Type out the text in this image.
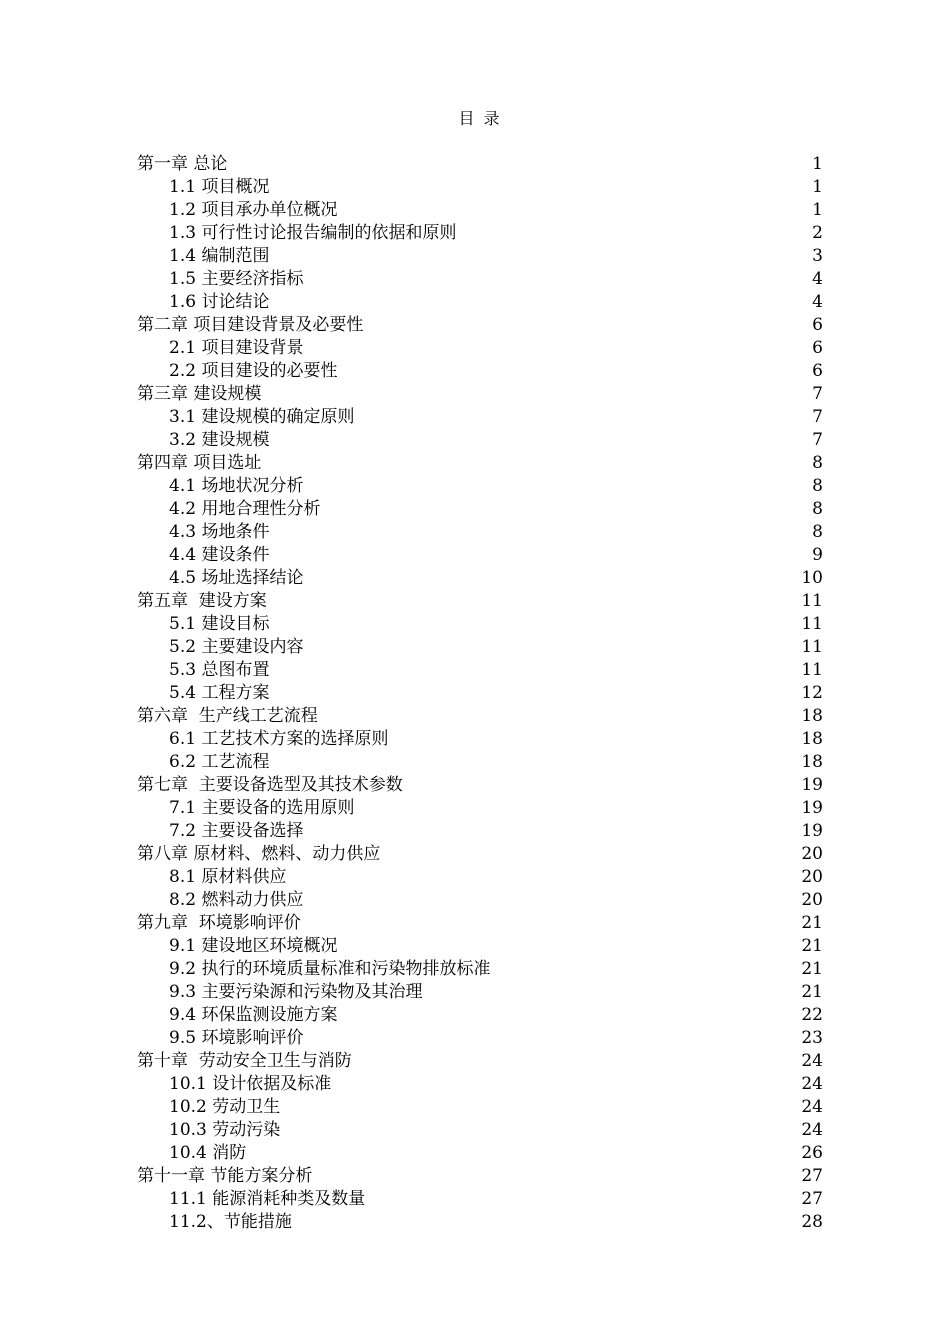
目 录
第一章 总论	1
1.1 项目概况	1
1.2 项目承办单位概况	1
1.3 可行性讨论报告编制的依据和原则	2
1.4 编制范围	3
1.5 主要经济指标	4
1.6 讨论结论	4
第二章 项目建设背景及必要性	6
2.1 项目建设背景	6
2.2 项目建设的必要性	6
第三章 建设规模	7
3.1 建设规模的确定原则	7
3.2 建设规模	7
第四章 项目选址	8
4.1 场地状况分析	8
4.2 用地合理性分析	8
4.3 场地条件	8
4.4 建设条件	9
4.5 场址选择结论	10
第五章  建设方案	11
5.1 建设目标	11
5.2 主要建设内容	11
5.3 总图布置	11
5.4 工程方案	12
第六章  生产线工艺流程	18
6.1 工艺技术方案的选择原则	18
6.2 工艺流程	18
第七章  主要设备选型及其技术参数	19
7.1 主要设备的选用原则	19
7.2 主要设备选择	19
第八章 原材料、燃料、动力供应	20
8.1 原材料供应	20
8.2 燃料动力供应	20
第九章  环境影响评价	21
9.1 建设地区环境概况	21
9.2 执行的环境质量标准和污染物排放标准	21
9.3 主要污染源和污染物及其治理	21
9.4 环保监测设施方案	22
9.5 环境影响评价	23
第十章  劳动安全卫生与消防	24
10.1 设计依据及标准	24
10.2 劳动卫生	24
10.3 劳动污染	24
10.4 消防	26
第十一章 节能方案分析	27
11.1 能源消耗种类及数量	27
11.2、节能措施	28
